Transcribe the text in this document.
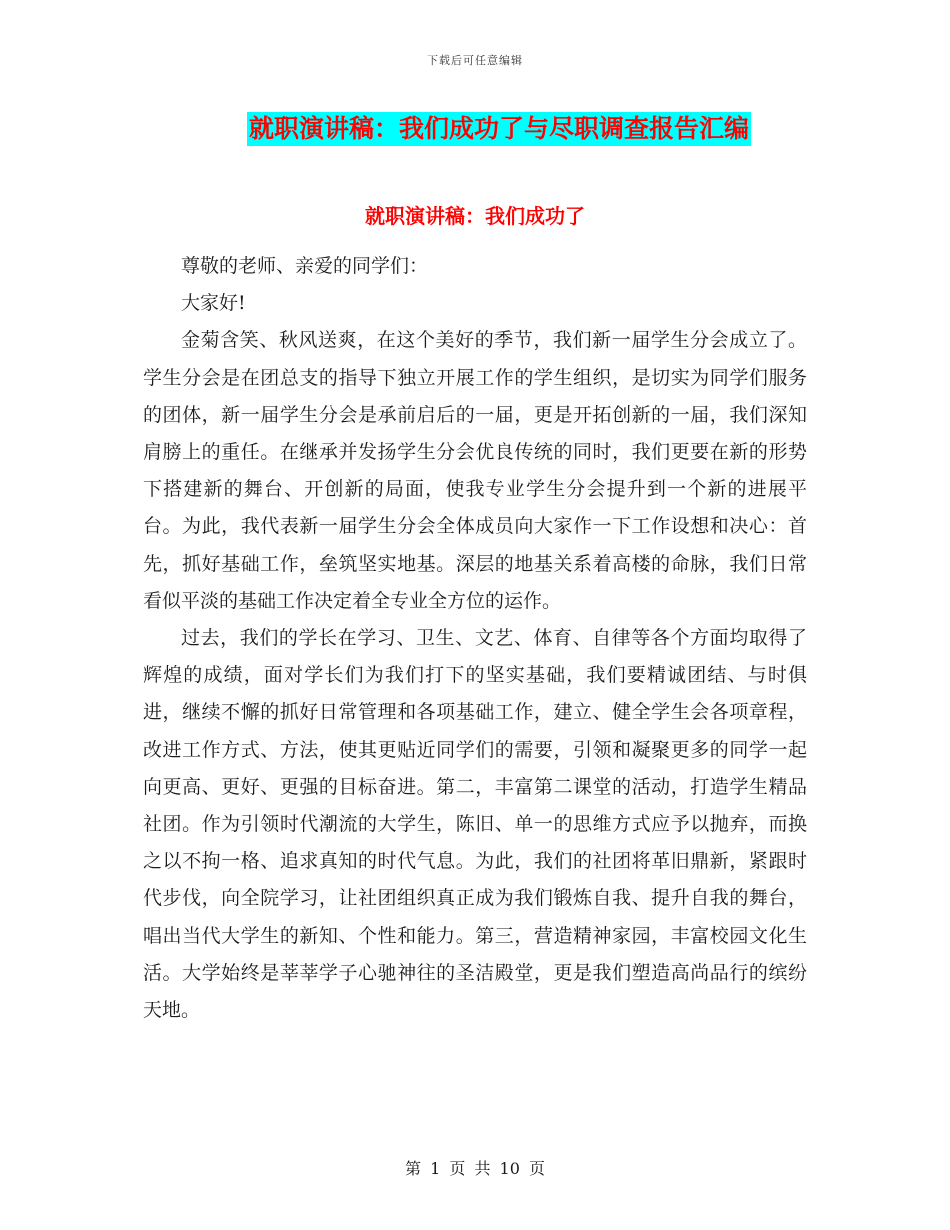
下载后可任意编辑
就职演讲稿：我们成功了与尽职调查报告汇编
就职演讲稿：我们成功了

尊敬的老师、亲爱的同学们：

大家好!

金菊含笑、秋风送爽，在这个美好的季节，我们新一届学生分会成立了。学生分会是在团总支的指导下独立开展工作的学生组织，是切实为同学们服务的团体，新一届学生分会是承前启后的一届，更是开拓创新的一届，我们深知肩膀上的重任。在继承并发扬学生分会优良传统的同时，我们更要在新的形势下搭建新的舞台、开创新的局面，使我专业学生分会提升到一个新的进展平台。为此，我代表新一届学生分会全体成员向大家作一下工作设想和决心：首先，抓好基础工作，垒筑坚实地基。深层的地基关系着高楼的命脉，我们日常看似平淡的基础工作决定着全专业全方位的运作。

过去，我们的学长在学习、卫生、文艺、体育、自律等各个方面均取得了辉煌的成绩，面对学长们为我们打下的坚实基础，我们要精诚团结、与时俱进，继续不懈的抓好日常管理和各项基础工作，建立、健全学生会各项章程，改进工作方式、方法，使其更贴近同学们的需要，引领和凝聚更多的同学一起向更高、更好、更强的目标奋进。第二，丰富第二课堂的活动，打造学生精品社团。作为引领时代潮流的大学生，陈旧、单一的思维方式应予以抛弃，而换之以不拘一格、追求真知的时代气息。为此，我们的社团将革旧鼎新，紧跟时代步伐，向全院学习，让社团组织真正成为我们锻炼自我、提升自我的舞台，唱出当代大学生的新知、个性和能力。第三，营造精神家园，丰富校园文化生活。大学始终是莘莘学子心驰神往的圣洁殿堂，更是我们塑造高尚品行的缤纷天地。

第 1 页 共 10 页
